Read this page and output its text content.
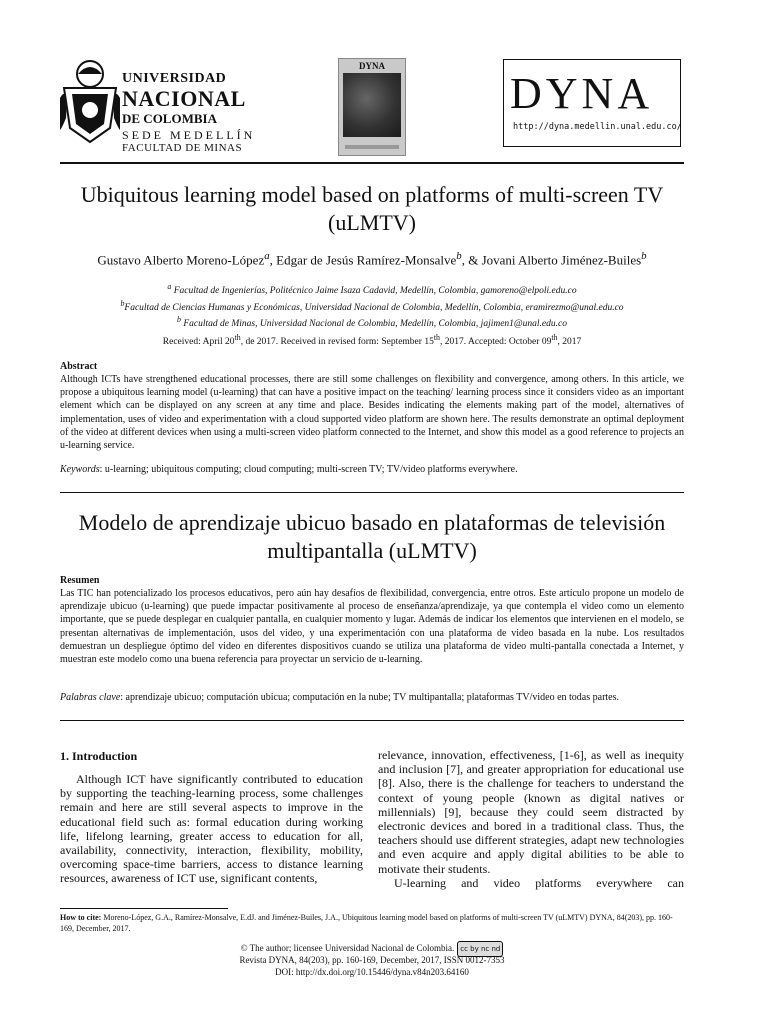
UNIVERSIDAD
NACIONAL
DE COLOMBIA
SEDE MEDELLÍN
FACULTAD DE MINAS
DYNA
DYNA
http://dyna.medellin.unal.edu.co/
Ubiquitous learning model based on platforms of multi-screen TV (uLMTV)
Gustavo Alberto Moreno-López$^a$, Edgar de Jesús Ramírez-Monsalve$^b$, & Jovani Alberto Jiménez-Builes$^b$
$^a$ Facultad de Ingenierías, Politécnico Jaime Isaza Cadavid, Medellín, Colombia, gamoreno@elpoli.edu.co
$^b$Facultad de Ciencias Humanas y Económicas, Universidad Nacional de Colombia, Medellín, Colombia, eramirezmo@unal.edu.co
$^b$ Facultad de Minas, Universidad Nacional de Colombia, Medellín, Colombia, jajimen1@unal.edu.co
Received: April 20th, de 2017. Received in revised form: September 15th, 2017. Accepted: October 09th, 2017
Abstract
Although ICTs have strengthened educational processes, there are still some challenges on flexibility and convergence, among others. In this article, we propose a ubiquitous learning model (u-learning) that can have a positive impact on the teaching/ learning process since it considers video as an important element which can be displayed on any screen at any time and place. Besides indicating the elements making part of the model, alternatives of implementation, uses of video and experimentation with a cloud supported video platform are shown here. The results demonstrate an optimal deployment of the video at different devices when using a multi-screen video platform connected to the Internet, and show this model as a good reference to projects an u-learning service.
Keywords: u-learning; ubiquitous computing; cloud computing; multi-screen TV; TV/video platforms everywhere.
Modelo de aprendizaje ubicuo basado en plataformas de televisión multipantalla (uLMTV)
Resumen
Las TIC han potencializado los procesos educativos, pero aún hay desafíos de flexibilidad, convergencia, entre otros. Este artículo propone un modelo de aprendizaje ubicuo (u-learning) que puede impactar positivamente al proceso de enseñanza/aprendizaje, ya que contempla el video como un elemento importante, que se puede desplegar en cualquier pantalla, en cualquier momento y lugar. Además de indicar los elementos que intervienen en el modelo, se presentan alternativas de implementación, usos del video, y una experimentación con una plataforma de video basada en la nube. Los resultados demuestran un despliegue óptimo del video en diferentes dispositivos cuando se utiliza una plataforma de video multi-pantalla conectada a Internet, y muestran este modelo como una buena referencia para proyectar un servicio de u-learning.
Palabras clave: aprendizaje ubicuo; computación ubicua; computación en la nube; TV multipantalla; plataformas TV/video en todas partes.
1. Introduction

Although ICT have significantly contributed to education by supporting the teaching-learning process, some challenges remain and here are still several aspects to improve in the educational field such as: formal education during working life, lifelong learning, greater access to education for all, availability, connectivity, interaction, flexibility, mobility, overcoming space-time barriers, access to distance learning resources, awareness of ICT use, significant contents,

relevance, innovation, effectiveness, [1-6], as well as inequity and inclusion [7], and greater appropriation for educational use [8]. Also, there is the challenge for teachers to understand the context of young people (known as digital natives or millennials) [9], because they could seem distracted by electronic devices and bored in a traditional class. Thus, the teachers should use different strategies, adapt new technologies and even acquire and apply digital abilities to be able to motivate their students.

U-learning and video platforms everywhere can

How to cite: Moreno-López, G.A., Ramírez-Monsalve, E.dJ. and Jiménez-Builes, J.A., Ubiquitous learning model based on platforms of multi-screen TV (uLMTV) DYNA, 84(203), pp. 160-169, December, 2017.
© The author; licensee Universidad Nacional de Colombia. cc by nc nd
Revista DYNA, 84(203), pp. 160-169, December, 2017, ISSN 0012-7353
DOI: http://dx.doi.org/10.15446/dyna.v84n203.64160
